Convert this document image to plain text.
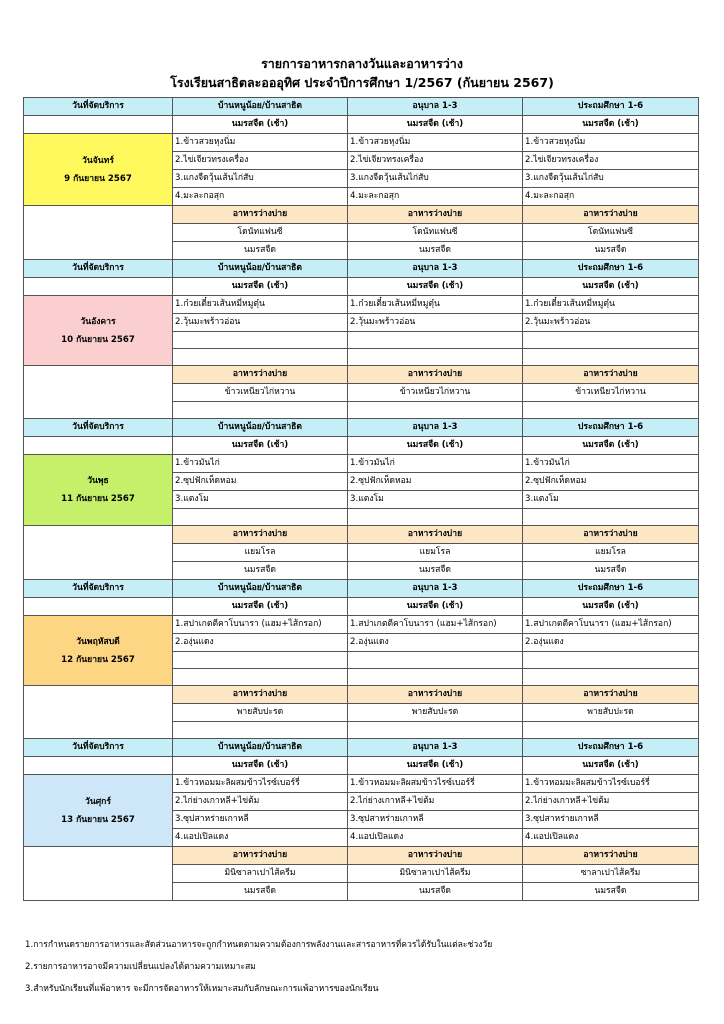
รายการอาหารกลางวันและอาหารว่าง
โรงเรียนสาธิตละอออุทิศ ประจำปีการศึกษา 1/2567 (กันยายน 2567)
วันที่จัดบริการ	บ้านหนูน้อย/บ้านสาธิต	อนุบาล 1-3	ประถมศึกษา 1-6
	นมรสจืด (เช้า)	นมรสจืด (เช้า)	นมรสจืด (เช้า)

วันจันทร์
9 กันยายน 2567	1.ข้าวสวยหุงนิ่ม	1.ข้าวสวยหุงนิ่ม	1.ข้าวสวยหุงนิ่ม
	2.ไข่เจียวทรงเครื่อง	2.ไข่เจียวทรงเครื่อง	2.ไข่เจียวทรงเครื่อง
	3.แกงจืดวุ้นเส้นไก่สับ	3.แกงจืดวุ้นเส้นไก่สับ	3.แกงจืดวุ้นเส้นไก่สับ
	4.มะละกอสุก	4.มะละกอสุก	4.มะละกอสุก
	อาหารว่างบ่าย	อาหารว่างบ่าย	อาหารว่างบ่าย
	โดนัทแฟนซี	โดนัทแฟนซี	โดนัทแฟนซี
	นมรสจืด	นมรสจืด	นมรสจืด
วันที่จัดบริการ	บ้านหนูน้อย/บ้านสาธิต	อนุบาล 1-3	ประถมศึกษา 1-6
	นมรสจืด (เช้า)	นมรสจืด (เช้า)	นมรสจืด (เช้า)

วันอังคาร
10 กันยายน 2567	1.ก๋วยเตี๋ยวเส้นหมี่หมูตุ๋น	1.ก๋วยเตี๋ยวเส้นหมี่หมูตุ๋น	1.ก๋วยเตี๋ยวเส้นหมี่หมูตุ๋น
	2.วุ้นมะพร้าวอ่อน	2.วุ้นมะพร้าวอ่อน	2.วุ้นมะพร้าวอ่อน

	อาหารว่างบ่าย	อาหารว่างบ่าย	อาหารว่างบ่าย
	ข้าวเหนียวไก่หวาน	ข้าวเหนียวไก่หวาน	ข้าวเหนียวไก่หวาน

วันที่จัดบริการ	บ้านหนูน้อย/บ้านสาธิต	อนุบาล 1-3	ประถมศึกษา 1-6
	นมรสจืด (เช้า)	นมรสจืด (เช้า)	นมรสจืด (เช้า)

วันพุธ
11 กันยายน 2567	1.ข้าวมันไก่	1.ข้าวมันไก่	1.ข้าวมันไก่
	2.ซุปฟักเห็ดหอม	2.ซุปฟักเห็ดหอม	2.ซุปฟักเห็ดหอม
	3.แตงโม	3.แตงโม	3.แตงโม

	อาหารว่างบ่าย	อาหารว่างบ่าย	อาหารว่างบ่าย
	แยมโรล	แยมโรล	แยมโรล
	นมรสจืด	นมรสจืด	นมรสจืด
วันที่จัดบริการ	บ้านหนูน้อย/บ้านสาธิต	อนุบาล 1-3	ประถมศึกษา 1-6
	นมรสจืด (เช้า)	นมรสจืด (เช้า)	นมรสจืด (เช้า)

วันพฤหัสบดี
12 กันยายน 2567	1.สปาเกตตีคาโบนารา (แฮม+ไส้กรอก)	1.สปาเกตตีคาโบนารา (แฮม+ไส้กรอก)	1.สปาเกตตีคาโบนารา (แฮม+ไส้กรอก)
	2.องุ่นแดง	2.องุ่นแดง	2.องุ่นแดง

	อาหารว่างบ่าย	อาหารว่างบ่าย	อาหารว่างบ่าย
	พายสับปะรด	พายสับปะรด	พายสับปะรด

วันที่จัดบริการ	บ้านหนูน้อย/บ้านสาธิต	อนุบาล 1-3	ประถมศึกษา 1-6
	นมรสจืด (เช้า)	นมรสจืด (เช้า)	นมรสจืด (เช้า)

วันศุกร์
13 กันยายน 2567	1.ข้าวหอมมะลิผสมข้าวไรซ์เบอร์รี่	1.ข้าวหอมมะลิผสมข้าวไรซ์เบอร์รี่	1.ข้าวหอมมะลิผสมข้าวไรซ์เบอร์รี่
	2.ไก่ย่างเกาหลี+ไข่ต้ม	2.ไก่ย่างเกาหลี+ไข่ต้ม	2.ไก่ย่างเกาหลี+ไข่ต้ม
	3.ซุปสาหร่ายเกาหลี	3.ซุปสาหร่ายเกาหลี	3.ซุปสาหร่ายเกาหลี
	4.แอปเปิลแดง	4.แอปเปิลแดง	4.แอปเปิลแดง
	อาหารว่างบ่าย	อาหารว่างบ่าย	อาหารว่างบ่าย
	มินิซาลาเปาไส้ครีม	มินิซาลาเปาไส้ครีม	ซาลาเปาไส้ครีม
	นมรสจืด	นมรสจืด	นมรสจืด
1.การกำหนดรายการอาหารและสัดส่วนอาหารจะถูกกำหนดตามความต้องการพลังงานและสารอาหารที่ควรได้รับในแต่ละช่วงวัย
2.รายการอาหารอาจมีความเปลี่ยนแปลงได้ตามความเหมาะสม
3.สำหรับนักเรียนที่แพ้อาหาร จะมีการจัดอาหารให้เหมาะสมกับลักษณะการแพ้อาหารของนักเรียน
